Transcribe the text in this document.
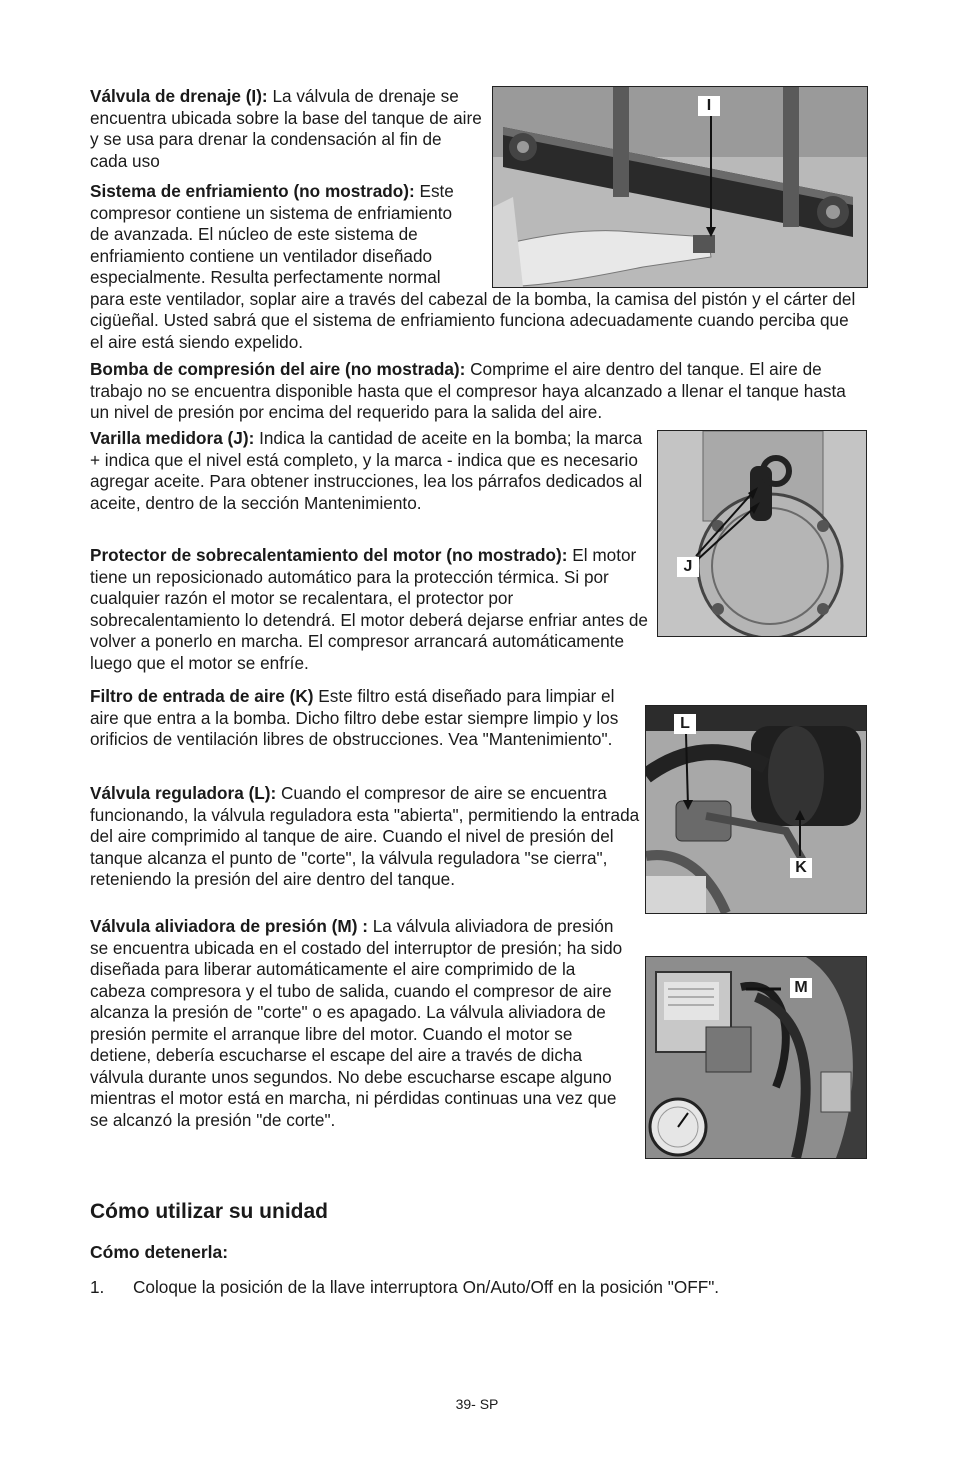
Válvula de drenaje (I): La válvula de drenaje se encuentra ubicada sobre la base del tanque de aire y se usa para drenar la condensación al fin de cada uso

Sistema de enfriamiento (no mostrado): Este compresor contiene un sistema de enfriamiento de avanzada. El núcleo de este sistema de enfriamiento contiene un ventilador diseñado especialmente. Resulta perfectamente normal para este ventilador, soplar aire a través del cabezal de la bomba, la camisa del pistón y el cárter del cigüeñal. Usted sabrá que el sistema de enfriamiento funciona adecuadamente cuando perciba que el aire está siendo expelido.

I

Bomba de compresión del aire (no mostrada): Comprime el aire dentro del tanque. El aire de trabajo no se encuentra disponible hasta que el compresor haya alcanzado a llenar el tanque hasta un nivel de presión por encima del requerido para la salida del aire.

Varilla medidora (J): Indica la cantidad de aceite en la bomba; la marca + indica que el nivel está completo, y la marca - indica que es necesario agregar aceite. Para obtener instrucciones, lea los párrafos dedicados al aceite, dentro de la sección Mantenimiento.

Protector de sobrecalentamiento del motor (no mostrado): El motor tiene un reposicionado automático para la protección térmica. Si por cualquier razón el motor se recalentara, el protector por sobrecalentamiento lo detendrá. El motor deberá dejarse enfriar antes de volver a ponerlo en marcha. El compresor arrancará automáticamente luego que el motor se enfríe.

J

Filtro de entrada de aire (K) Este filtro está diseñado para limpiar el aire que entra a la bomba. Dicho filtro debe estar siempre limpio y los orificios de ventilación libres de obstrucciones. Vea "Mantenimiento".

Válvula reguladora (L): Cuando el compresor de aire se encuentra funcionando, la válvula reguladora esta "abierta", permitiendo la entrada del aire comprimido al tanque de aire. Cuando el nivel de presión del tanque alcanza el punto de "corte", la válvula reguladora "se cierra", reteniendo la presión del aire dentro del tanque.

L
K

Válvula aliviadora de presión (M) : La válvula aliviadora de presión se encuentra ubicada en el costado del interruptor de presión; ha sido diseñada para liberar automáticamente el aire comprimido de la cabeza compresora y el tubo de salida, cuando el compresor de aire alcanza la presión de "corte" o es apagado. La válvula aliviadora de presión permite el arranque libre del motor. Cuando el motor se detiene, debería escucharse el escape del aire a través de dicha válvula durante unos segundos. No debe escucharse escape alguno mientras el motor está en marcha, ni pérdidas continuas una vez que se alcanzó la presión "de corte".

M
Cómo utilizar su unidad
Cómo detenerla:
1. Coloque la posición de la llave interruptora On/Auto/Off en la posición "OFF".
39- SP
